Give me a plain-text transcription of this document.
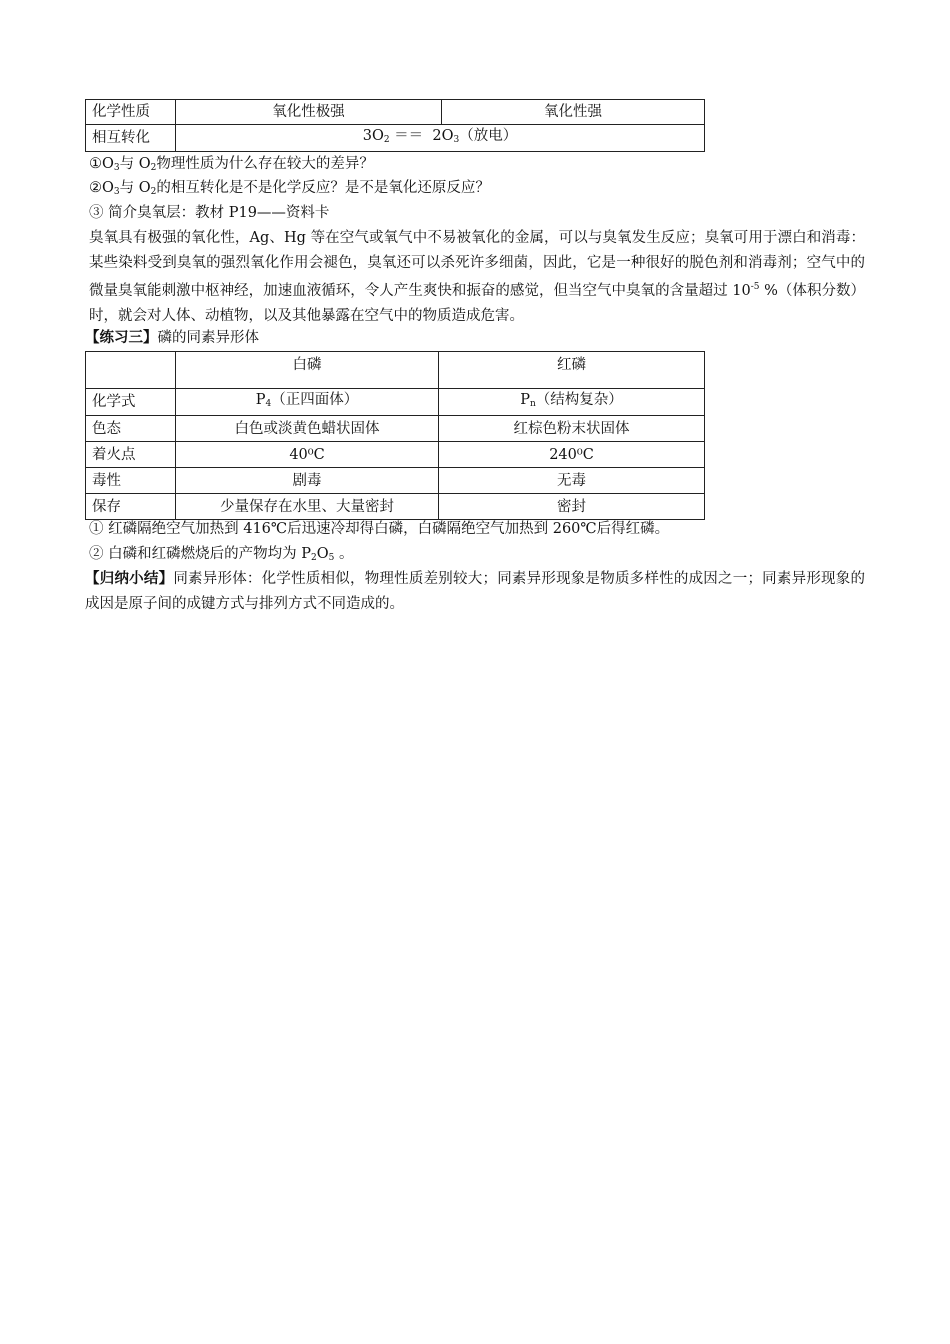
化学性质	氧化性极强	氧化性强
相互转化	$3O_2 == 2O_3$（放电）	
$①O_3$与 $O_2$物理性质为什么存在较大的差异？
$②O_3$与 $O_2$的相互转化是不是化学反应？是不是氧化还原反应？
③ 简介臭氧层：教材 P19——资料卡
臭氧具有极强的氧化性，Ag、Hg 等在空气或氧气中不易被氧化的金属，可以与臭氧发生反应；臭氧可用于漂白和消毒：某些染料受到臭氧的强烈氧化作用会褪色，臭氧还可以杀死许多细菌，因此，它是一种很好的脱色剂和消毒剂；空气中的微量臭氧能刺激中枢神经，加速血液循环，令人产生爽快和振奋的感觉，但当空气中臭氧的含量超过 $10^{-5}$ %（体积分数）时，就会对人体、动植物，以及其他暴露在空气中的物质造成危害。
【练习三】磷的同素异形体
	白磷	红磷
化学式	$P_4$（正四面体）	$P_n$（结构复杂）
色态	白色或淡黄色蜡状固体	红棕色粉末状固体
着火点	40⁰C	240⁰C
毒性	剧毒	无毒
保存	少量保存在水里、大量密封	密封
① 红磷隔绝空气加热到 416℃后迅速冷却得白磷，白磷隔绝空气加热到 260℃后得红磷。
② 白磷和红磷燃烧后的产物均为 $P_2O_5$ 。
【归纳小结】同素异形体：化学性质相似，物理性质差别较大；同素异形现象是物质多样性的成因之一；同素异形现象的成因是原子间的成键方式与排列方式不同造成的。
